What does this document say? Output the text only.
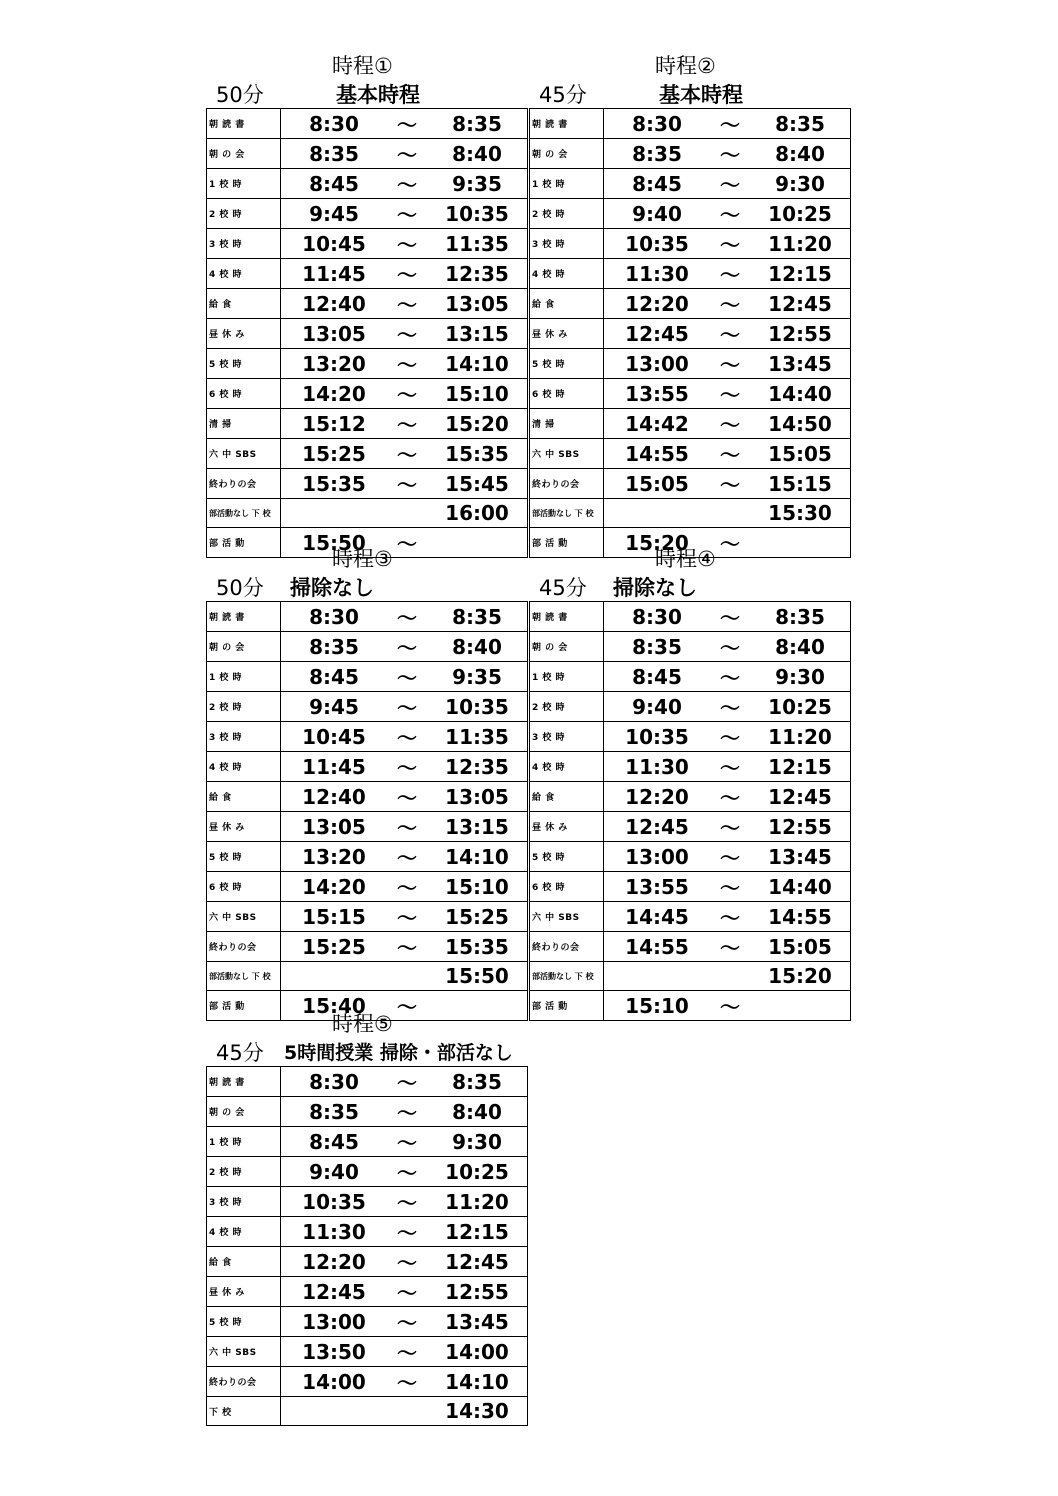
時程①
50分	基本時程
朝 読 書	8:30	～	8:35
朝 の 会	8:35	～	8:40
1 校 時	8:45	～	9:35
2 校 時	9:45	～	10:35
3 校 時	10:45	～	11:35
4 校 時	11:45	～	12:35
給 食	12:40	～	13:05
昼 休 み	13:05	～	13:15
5 校 時	13:20	～	14:10
6 校 時	14:20	～	15:10
清 掃	15:12	～	15:20
六 中 SBS	15:25	～	15:35
終わりの会	15:35	～	15:45
部活動なし 下 校			16:00
部 活 動	15:50	～	
時程②
45分	基本時程
朝 読 書	8:30	～	8:35
朝 の 会	8:35	～	8:40
1 校 時	8:45	～	9:30
2 校 時	9:40	～	10:25
3 校 時	10:35	～	11:20
4 校 時	11:30	～	12:15
給 食	12:20	～	12:45
昼 休 み	12:45	～	12:55
5 校 時	13:00	～	13:45
6 校 時	13:55	～	14:40
清 掃	14:42	～	14:50
六 中 SBS	14:55	～	15:05
終わりの会	15:05	～	15:15
部活動なし 下 校			15:30
部 活 動	15:20	～	
時程③
50分 掃除なし
朝 読 書	8:30	～	8:35
朝 の 会	8:35	～	8:40
1 校 時	8:45	～	9:35
2 校 時	9:45	～	10:35
3 校 時	10:45	～	11:35
4 校 時	11:45	～	12:35
給 食	12:40	～	13:05
昼 休 み	13:05	～	13:15
5 校 時	13:20	～	14:10
6 校 時	14:20	～	15:10
六 中 SBS	15:15	～	15:25
終わりの会	15:25	～	15:35
部活動なし 下 校			15:50
部 活 動	15:40	～	
時程④
45分 掃除なし
朝 読 書	8:30	～	8:35
朝 の 会	8:35	～	8:40
1 校 時	8:45	～	9:30
2 校 時	9:40	～	10:25
3 校 時	10:35	～	11:20
4 校 時	11:30	～	12:15
給 食	12:20	～	12:45
昼 休 み	12:45	～	12:55
5 校 時	13:00	～	13:45
6 校 時	13:55	～	14:40
六 中 SBS	14:45	～	14:55
終わりの会	14:55	～	15:05
部活動なし 下 校			15:20
部 活 動	15:10	～	
時程⑤
45分 5時間授業 掃除・部活なし
朝 読 書	8:30	～	8:35
朝 の 会	8:35	～	8:40
1 校 時	8:45	～	9:30
2 校 時	9:40	～	10:25
3 校 時	10:35	～	11:20
4 校 時	11:30	～	12:15
給 食	12:20	～	12:45
昼 休 み	12:45	～	12:55
5 校 時	13:00	～	13:45
六 中 SBS	13:50	～	14:00
終わりの会	14:00	～	14:10
下 校			14:30
